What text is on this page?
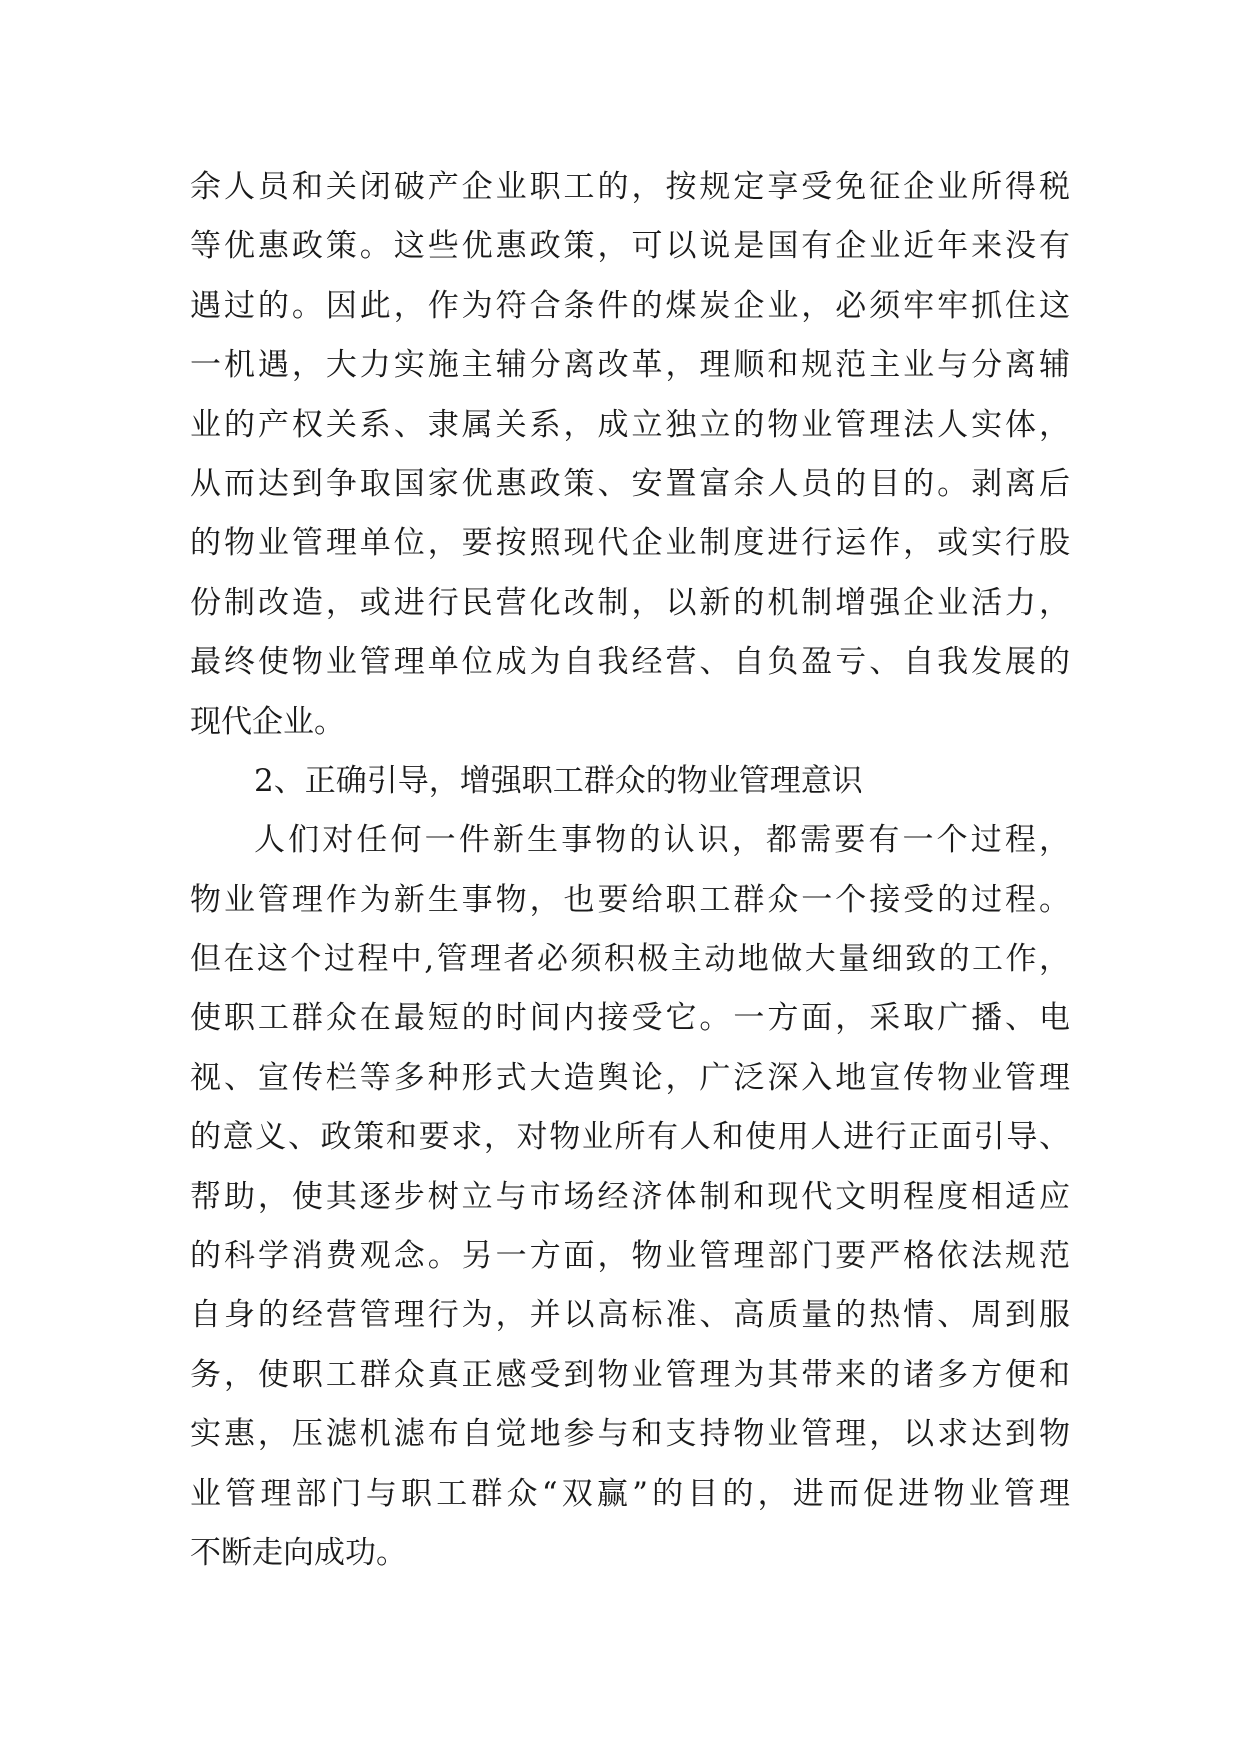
余人员和关闭破产企业职工的，按规定享受免征企业所得税
等优惠政策。这些优惠政策，可以说是国有企业近年来没有
遇过的。因此，作为符合条件的煤炭企业，必须牢牢抓住这
一机遇，大力实施主辅分离改革，理顺和规范主业与分离辅
业的产权关系、隶属关系，成立独立的物业管理法人实体，
从而达到争取国家优惠政策、安置富余人员的目的。剥离后
的物业管理单位，要按照现代企业制度进行运作，或实行股
份制改造，或进行民营化改制，以新的机制增强企业活力，
最终使物业管理单位成为自我经营、自负盈亏、自我发展的
现代企业。
2、正确引导，增强职工群众的物业管理意识
人们对任何一件新生事物的认识，都需要有一个过程，
物业管理作为新生事物，也要给职工群众一个接受的过程。
但在这个过程中,管理者必须积极主动地做大量细致的工作，
使职工群众在最短的时间内接受它。一方面，采取广播、电
视、宣传栏等多种形式大造舆论，广泛深入地宣传物业管理
的意义、政策和要求，对物业所有人和使用人进行正面引导、
帮助，使其逐步树立与市场经济体制和现代文明程度相适应
的科学消费观念。另一方面，物业管理部门要严格依法规范
自身的经营管理行为，并以高标准、高质量的热情、周到服
务，使职工群众真正感受到物业管理为其带来的诸多方便和
实惠，压滤机滤布自觉地参与和支持物业管理，以求达到物
业管理部门与职工群众“双赢”的目的，进而促进物业管理
不断走向成功。
